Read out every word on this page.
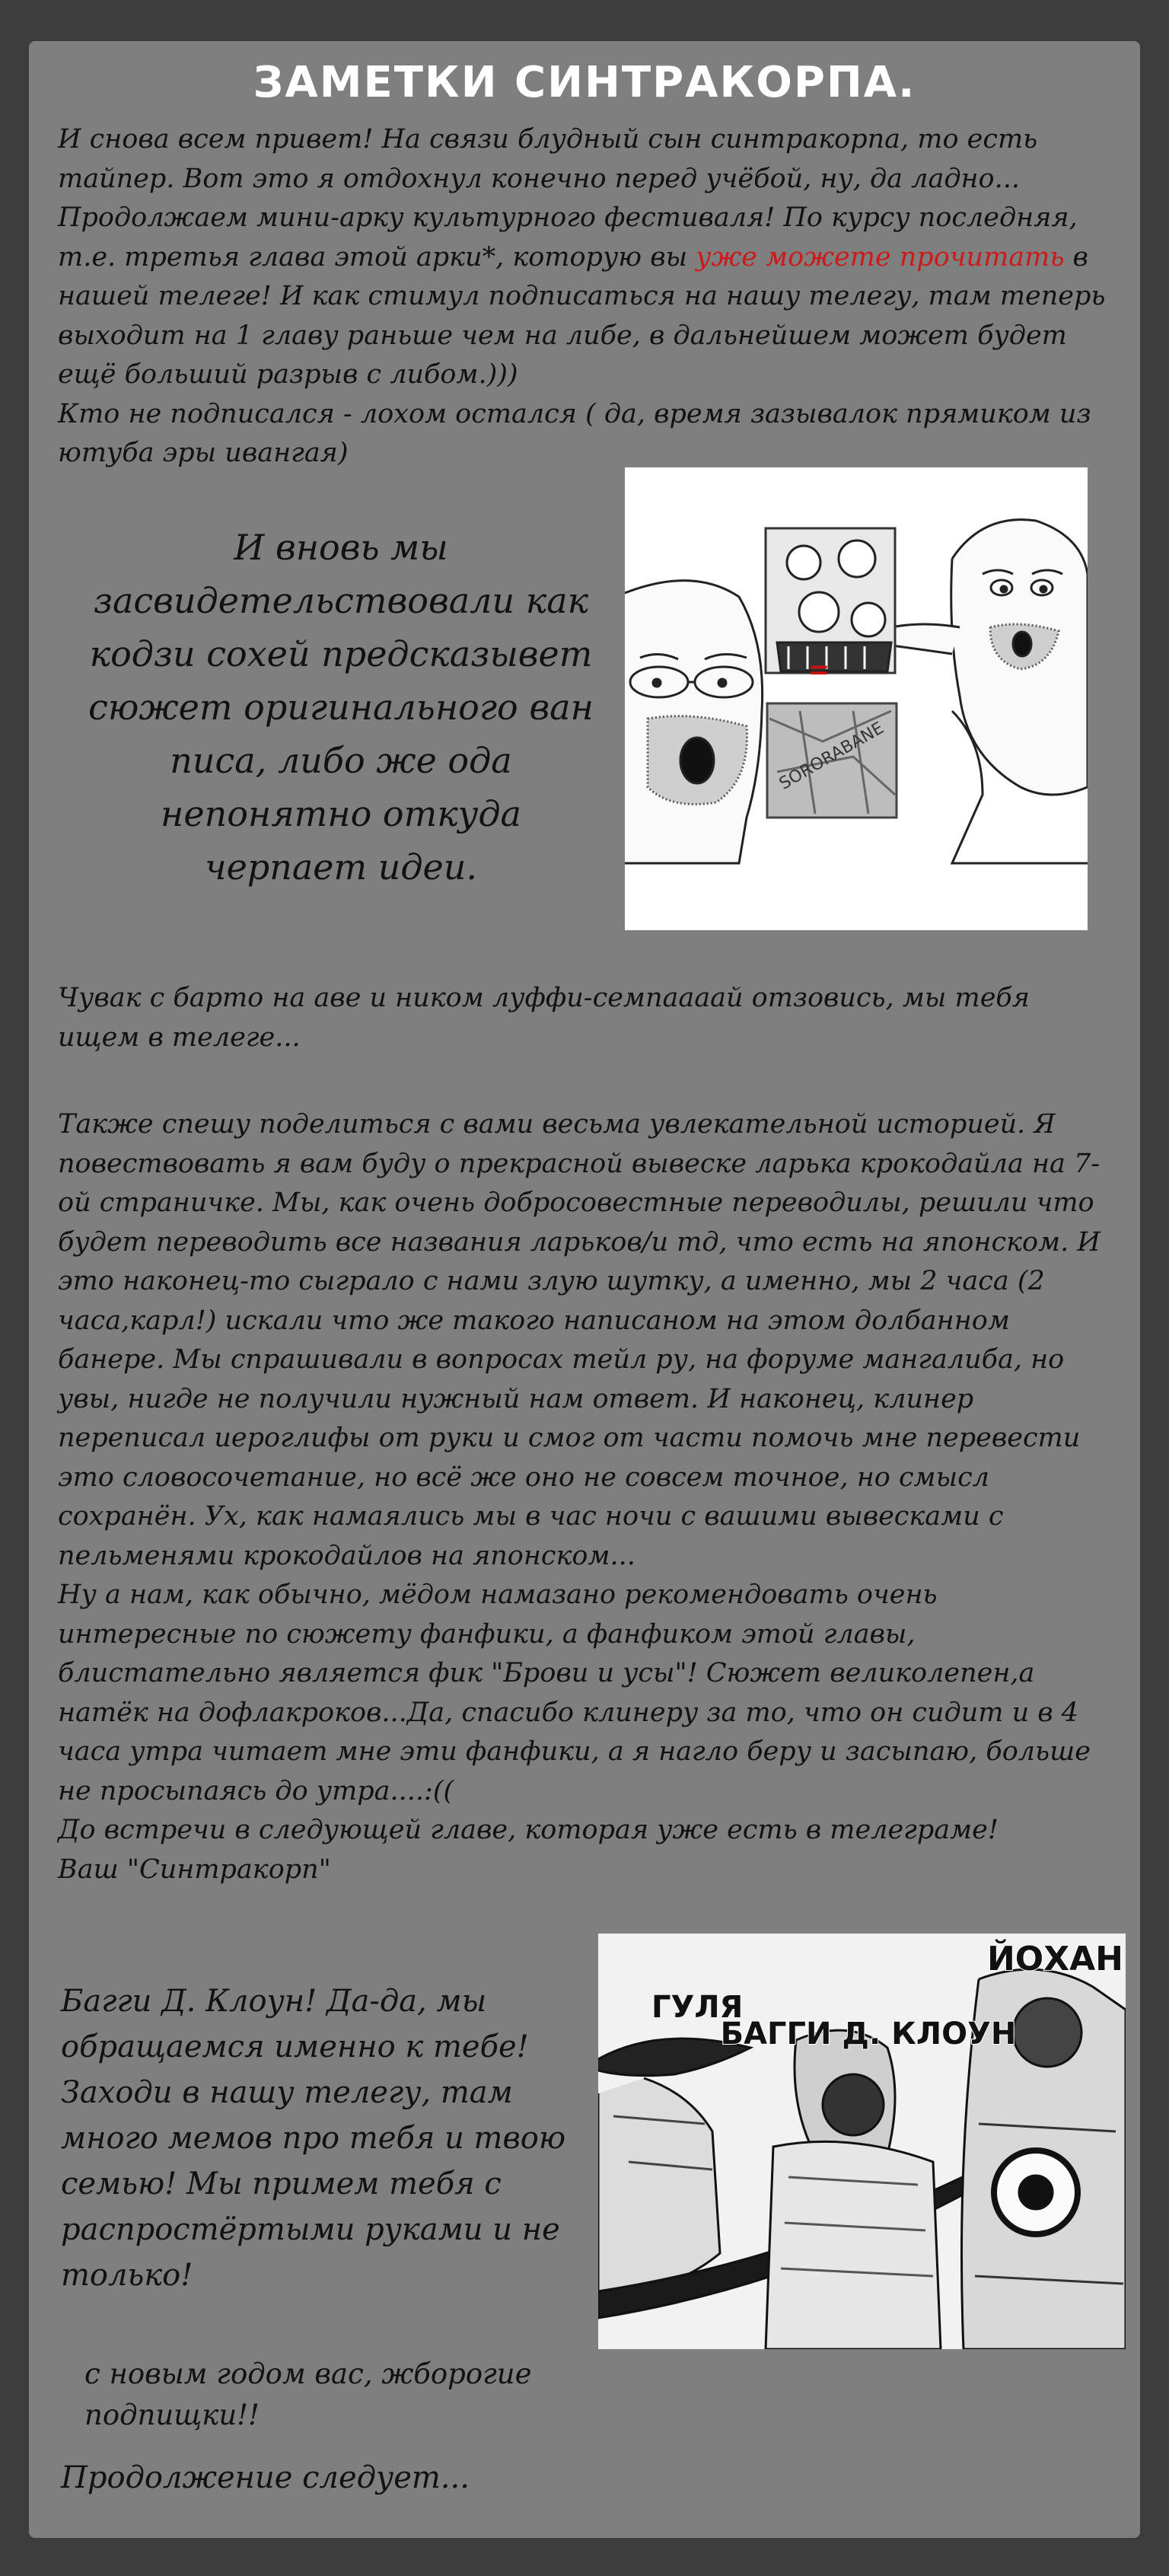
ЗАМЕТКИ СИНТРАКОРПА.

И снова всем привет! На связи блудный сын синтракорпа, то есть тайпер. Вот это я отдохнул конечно перед учёбой, ну, да ладно... Продолжаем мини-арку культурного фестиваля! По курсу последняя, т.е. третья глава этой арки*, которую вы уже можете прочитать в нашей телеге! И как стимул подписаться на нашу телегу, там теперь выходит на 1 главу раньше чем на либе, в дальнейшем может будет ещё больший разрыв с либом.)))
Кто не подписался - лохом остался ( да, время зазывалок прямиком из ютуба эры ивангая)

И вновь мы засвидетельствовали как кодзи сохей предсказывет сюжет оригинального ван писа, либо же ода непонятно откуда черпает идеи.

=
SORORABANE

Чувак с барто на аве и ником луффи-семпаааай отзовись, мы тебя ищем в телеге...

Также спешу поделиться с вами весьма увлекательной историей. Я повествовать я вам буду о прекрасной вывеске ларька крокодайла на 7-ой страничке. Мы, как очень добросовестные переводилы, решили что будет переводить все названия ларьков/и тд, что есть на японском. И это наконец-то сыграло с нами злую шутку, а именно, мы 2 часа (2 часа,карл!) искали что же такого написаном на этом долбанном банере. Мы спрашивали в вопросах тейл ру, на форуме мангалиба, но увы, нигде не получили нужный нам ответ. И наконец, клинер переписал иероглифы от руки и смог от части помочь мне перевести это словосочетание, но всё же оно не совсем точное, но смысл сохранён. Ух, как намаялись мы в час ночи с вашими вывесками с пельменями крокодайлов на японском...
Ну а нам, как обычно, мёдом намазано рекомендовать очень интересные по сюжету фанфики, а фанфиком этой главы, блистательно является фик "Брови и усы"! Сюжет великолепен,а натёк на дофлакроков...Да, спасибо клинеру за то, что он сидит и в 4 часа утра читает мне эти фанфики, а я нагло беру и засыпаю, больше не просыпаясь до утра....:((
До встречи в следующей главе, которая уже есть в телеграме!
Ваш "Синтракорп"

Багги Д. Клоун! Да-да, мы обращаемся именно к тебе! Заходи в нашу телегу, там много мемов про тебя и твою семью! Мы примем тебя с распростёртыми руками и не только!

ГУЛЯ
БАГГИ Д. КЛОУН
ЙОХАН

с новым годом вас, жборогие подпищки!!

Продолжение следует...
